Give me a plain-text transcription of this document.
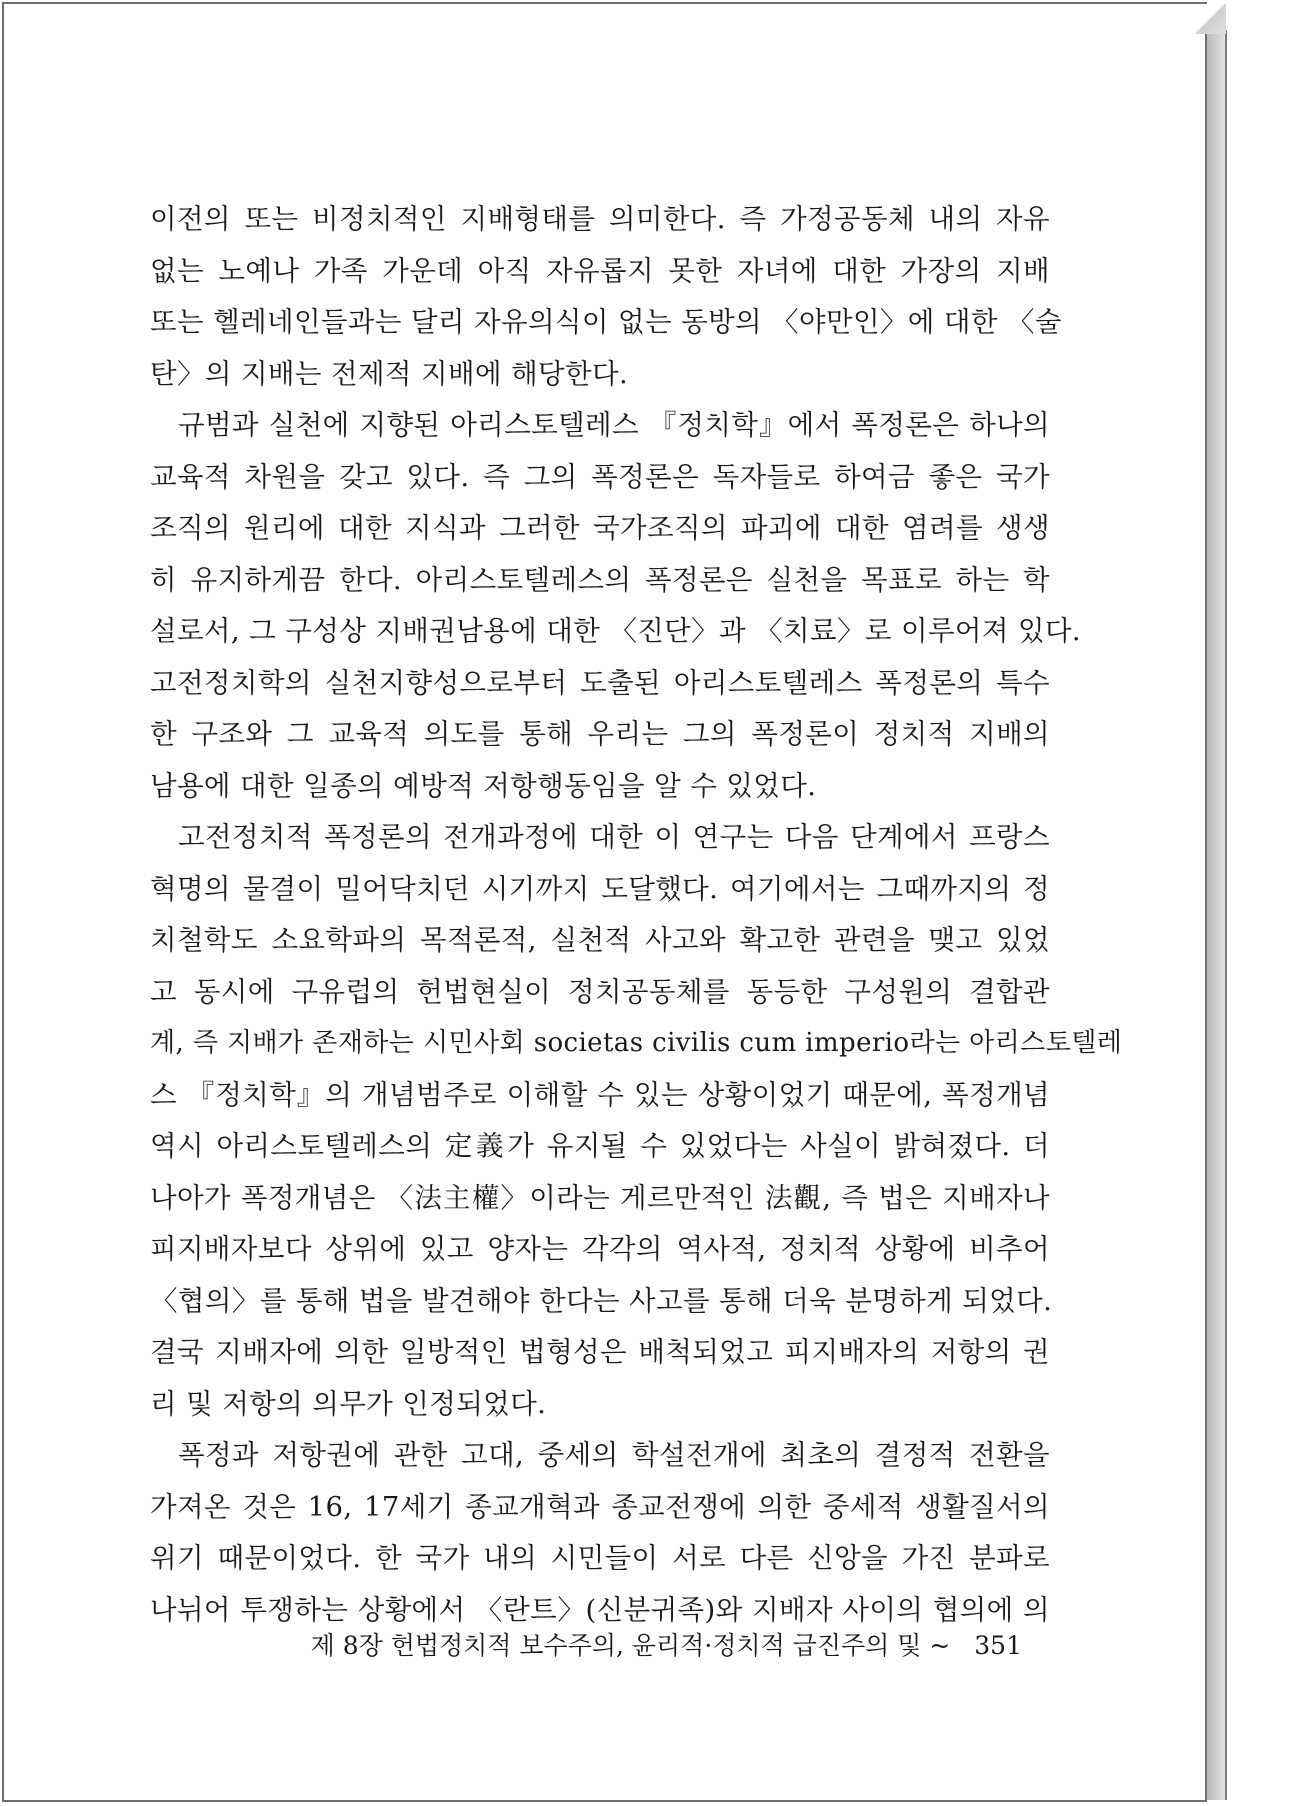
이전의 또는 비정치적인 지배형태를 의미한다. 즉 가정공동체 내의 자유
없는 노예나 가족 가운데 아직 자유롭지 못한 자녀에 대한 가장의 지배
또는 헬레네인들과는 달리 자유의식이 없는 동방의 〈야만인〉에 대한 〈술
탄〉의 지배는 전제적 지배에 해당한다.
규범과 실천에 지향된 아리스토텔레스 『정치학』에서 폭정론은 하나의
교육적 차원을 갖고 있다. 즉 그의 폭정론은 독자들로 하여금 좋은 국가
조직의 원리에 대한 지식과 그러한 국가조직의 파괴에 대한 염려를 생생
히 유지하게끔 한다. 아리스토텔레스의 폭정론은 실천을 목표로 하는 학
설로서, 그 구성상 지배권남용에 대한 〈진단〉과 〈치료〉로 이루어져 있다.
고전정치학의 실천지향성으로부터 도출된 아리스토텔레스 폭정론의 특수
한 구조와 그 교육적 의도를 통해 우리는 그의 폭정론이 정치적 지배의
남용에 대한 일종의 예방적 저항행동임을 알 수 있었다.
고전정치적 폭정론의 전개과정에 대한 이 연구는 다음 단계에서 프랑스
혁명의 물결이 밀어닥치던 시기까지 도달했다. 여기에서는 그때까지의 정
치철학도 소요학파의 목적론적, 실천적 사고와 확고한 관련을 맺고 있었
고 동시에 구유럽의 헌법현실이 정치공동체를 동등한 구성원의 결합관
계, 즉 지배가 존재하는 시민사회 societas civilis cum imperio라는 아리스토텔레
스 『정치학』의 개념범주로 이해할 수 있는 상황이었기 때문에, 폭정개념
역시 아리스토텔레스의 定義가 유지될 수 있었다는 사실이 밝혀졌다. 더
나아가 폭정개념은 〈法主權〉이라는 게르만적인 法觀, 즉 법은 지배자나
피지배자보다 상위에 있고 양자는 각각의 역사적, 정치적 상황에 비추어
〈협의〉를 통해 법을 발견해야 한다는 사고를 통해 더욱 분명하게 되었다.
결국 지배자에 의한 일방적인 법형성은 배척되었고 피지배자의 저항의 권
리 및 저항의 의무가 인정되었다.
폭정과 저항권에 관한 고대, 중세의 학설전개에 최초의 결정적 전환을
가져온 것은 16, 17세기 종교개혁과 종교전쟁에 의한 중세적 생활질서의
위기 때문이었다. 한 국가 내의 시민들이 서로 다른 신앙을 가진 분파로
나뉘어 투쟁하는 상황에서 〈란트〉(신분귀족)와 지배자 사이의 협의에 의
제 8장 헌법정치적 보수주의, 윤리적·정치적 급진주의 및 ~ 351
